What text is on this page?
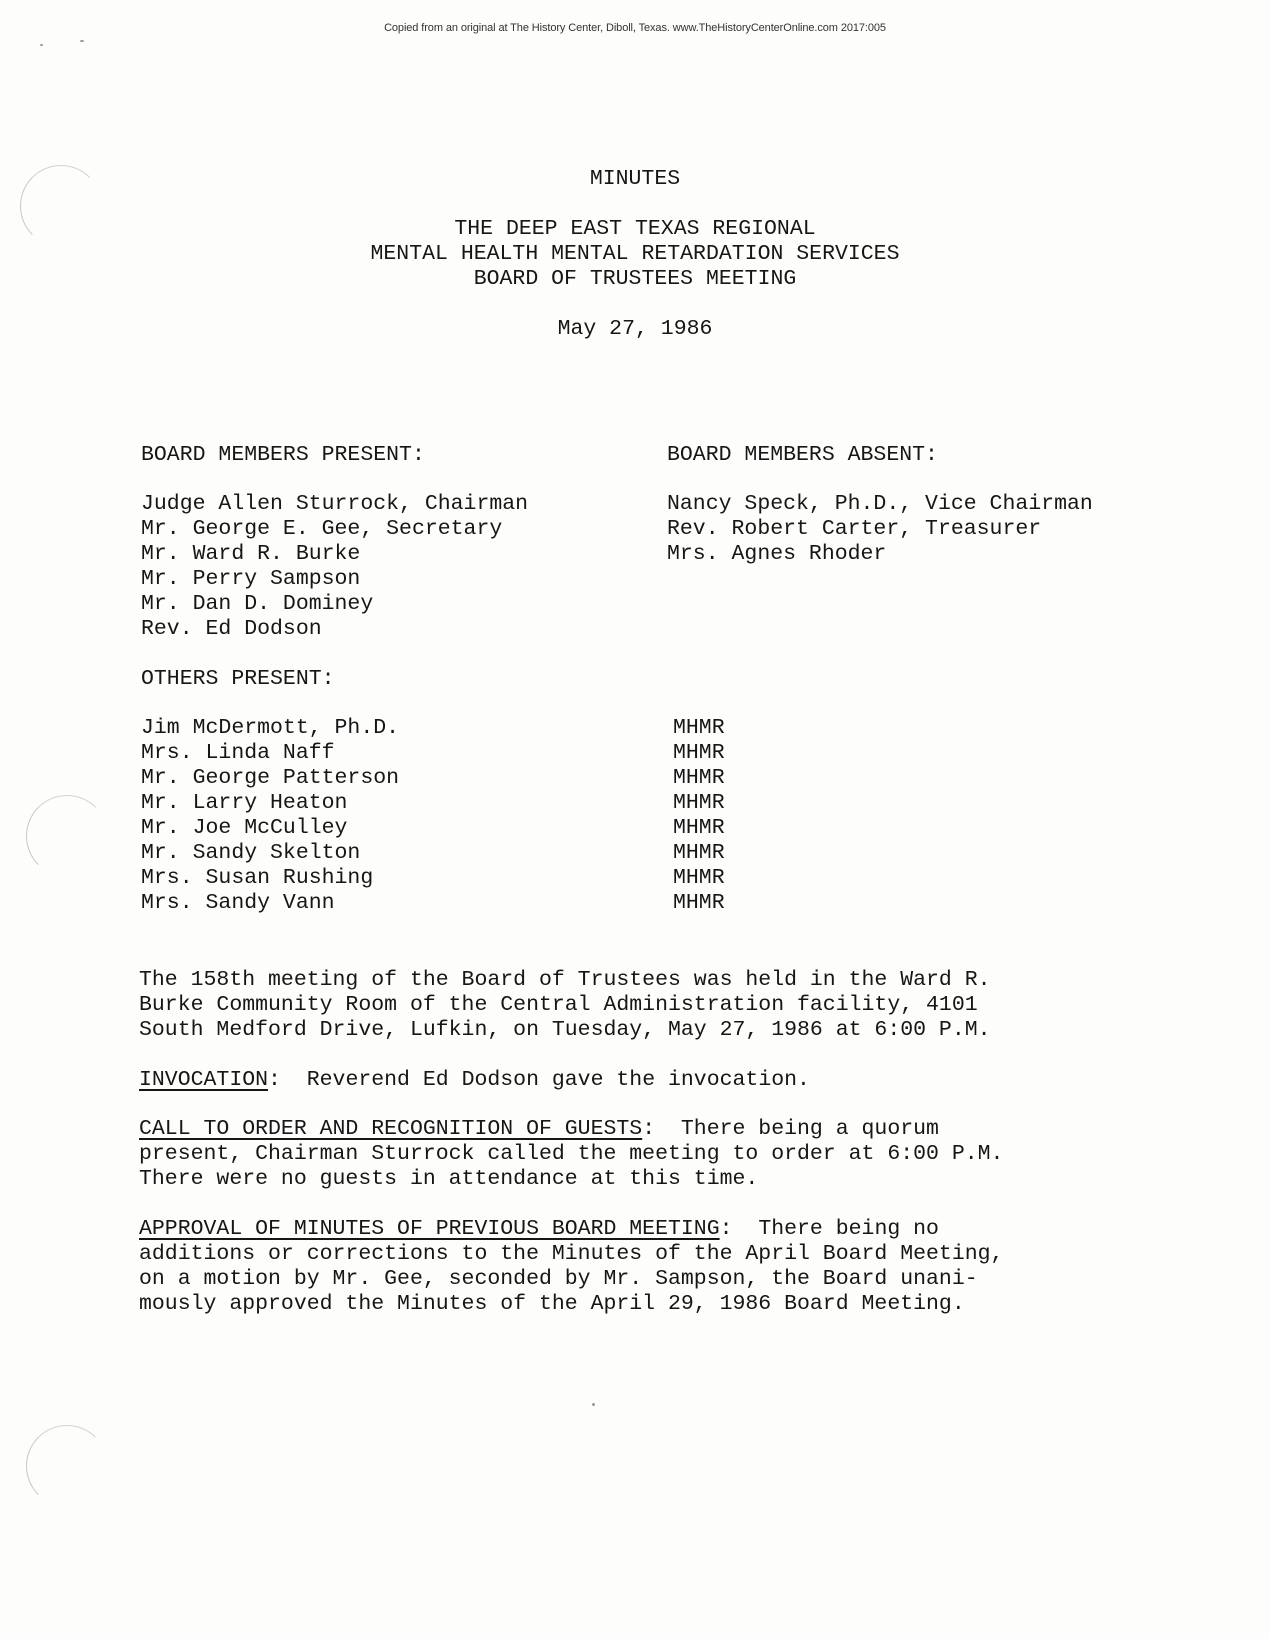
Copied from an original at The History Center, Diboll, Texas. www.TheHistoryCenterOnline.com 2017:005
MINUTES
THE DEEP EAST TEXAS REGIONAL
MENTAL HEALTH MENTAL RETARDATION SERVICES
BOARD OF TRUSTEES MEETING
May 27, 1986
BOARD MEMBERS PRESENT:
Judge Allen Sturrock, Chairman
Mr. George E. Gee, Secretary
Mr. Ward R. Burke
Mr. Perry Sampson
Mr. Dan D. Dominey
Rev. Ed Dodson
BOARD MEMBERS ABSENT:
Nancy Speck, Ph.D., Vice Chairman
Rev. Robert Carter, Treasurer
Mrs. Agnes Rhoder
OTHERS PRESENT:
Jim McDermott, Ph.D.	MHMR
Mrs. Linda Naff	MHMR
Mr. George Patterson	MHMR
Mr. Larry Heaton	MHMR
Mr. Joe McCulley	MHMR
Mr. Sandy Skelton	MHMR
Mrs. Susan Rushing	MHMR
Mrs. Sandy Vann	MHMR
The 158th meeting of the Board of Trustees was held in the Ward R.
Burke Community Room of the Central Administration facility, 4101
South Medford Drive, Lufkin, on Tuesday, May 27, 1986 at 6:00 P.M.
INVOCATION:  Reverend Ed Dodson gave the invocation.
CALL TO ORDER AND RECOGNITION OF GUESTS:  There being a quorum
present, Chairman Sturrock called the meeting to order at 6:00 P.M.
There were no guests in attendance at this time.
APPROVAL OF MINUTES OF PREVIOUS BOARD MEETING:  There being no
additions or corrections to the Minutes of the April Board Meeting,
on a motion by Mr. Gee, seconded by Mr. Sampson, the Board unani-
mously approved the Minutes of the April 29, 1986 Board Meeting.
